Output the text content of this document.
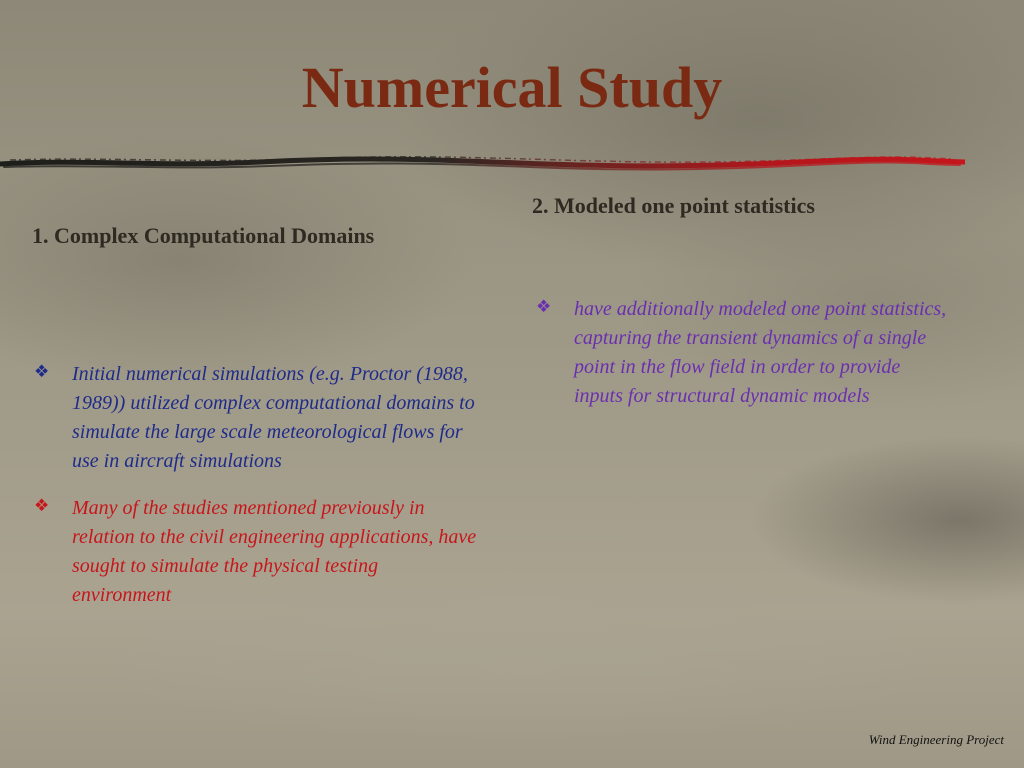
Numerical Study
1. Complex Computational Domains
❖ Initial numerical simulations (e.g. Proctor (1988, 1989)) utilized complex computational domains to simulate the large scale meteorological flows for use in aircraft simulations
❖ Many of the studies mentioned previously in relation to the civil engineering applications, have sought to simulate the physical testing environment
2. Modeled one point statistics
❖ have additionally modeled one point statistics, capturing the transient dynamics of a single point in the flow field in order to provide inputs for structural dynamic models
Wind Engineering Project
